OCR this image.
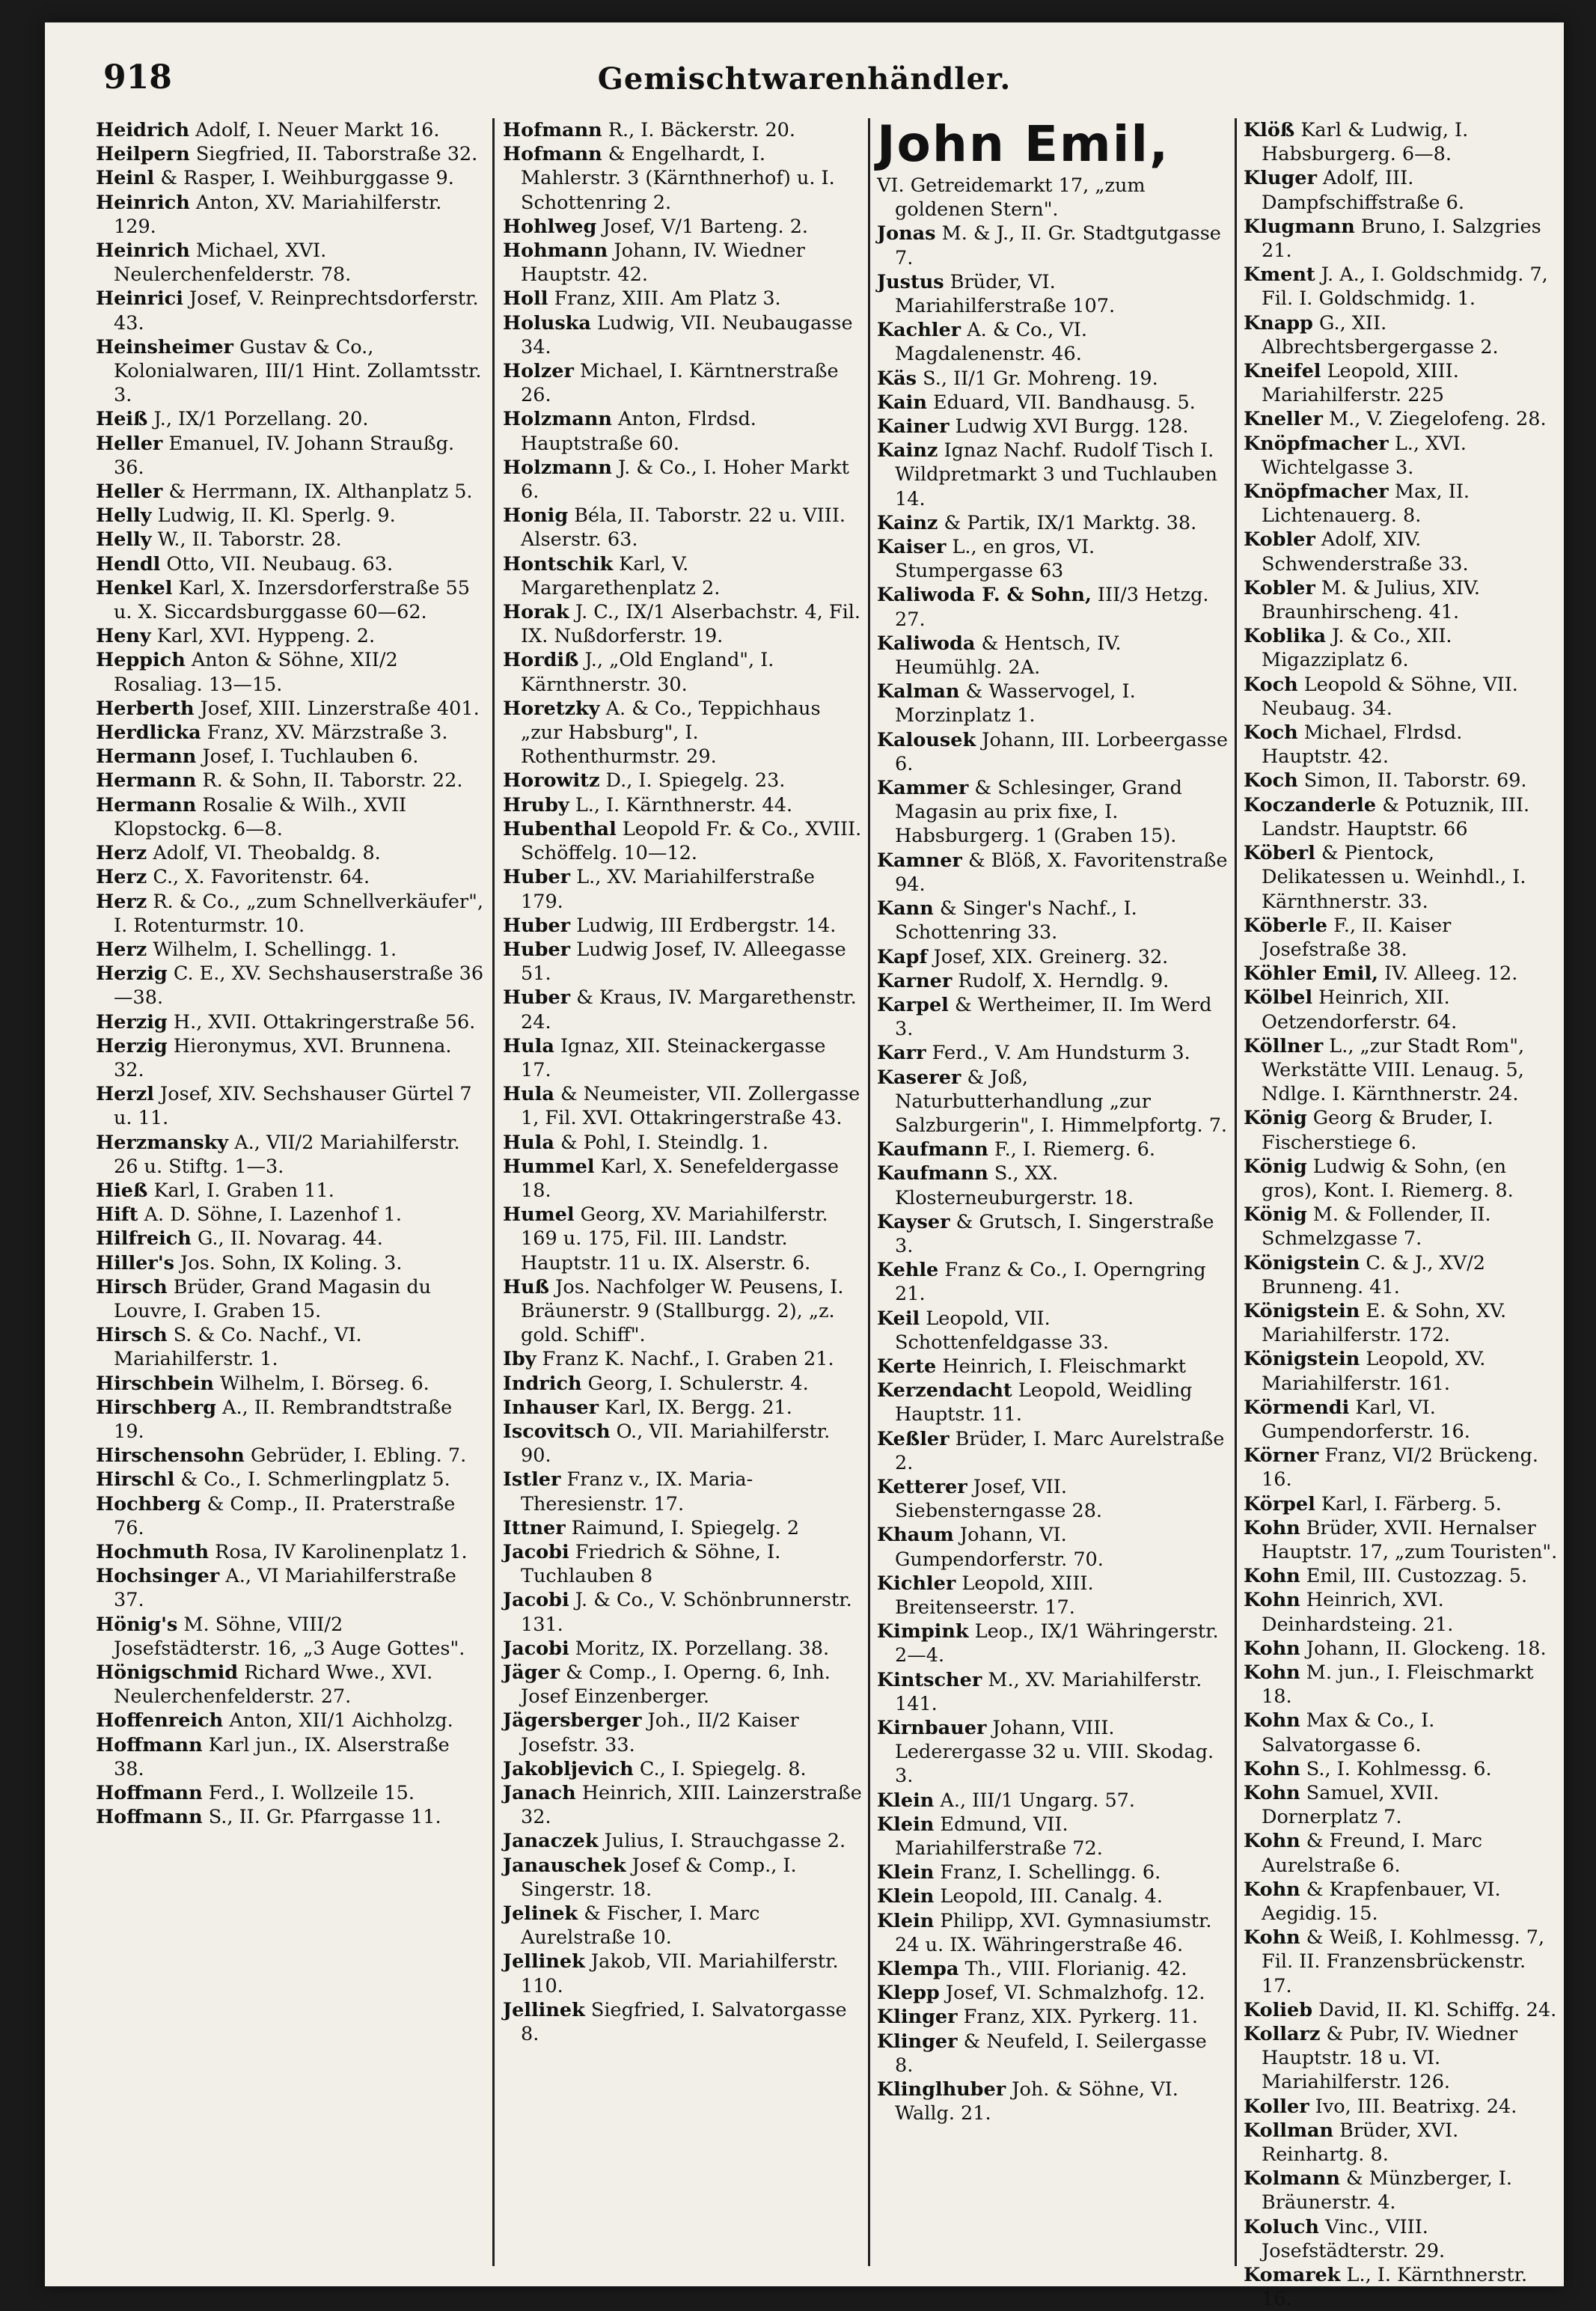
918	Gemischtwarenhändler.

Heidrich Adolf, I. Neuer Markt 16.

Heilpern Siegfried, II. Taborstraße 32.

Heinl & Rasper, I. Weihburggasse 9.

Heinrich Anton, XV. Mariahilferstr. 129.

Heinrich Michael, XVI. Neulerchenfelderstr. 78.

Heinrici Josef, V. Reinprechtsdorferstr. 43.

Heinsheimer Gustav & Co., Kolonialwaren, III/1 Hint. Zollamtsstr. 3.

Heiß J., IX/1 Porzellang. 20.

Heller Emanuel, IV. Johann Straußg. 36.

Heller & Herrmann, IX. Althanplatz 5.

Helly Ludwig, II. Kl. Sperlg. 9.

Helly W., II. Taborstr. 28.

Hendl Otto, VII. Neubaug. 63.

Henkel Karl, X. Inzersdorferstraße 55 u. X. Siccardsburggasse 60—62.

Heny Karl, XVI. Hyppeng. 2.

Heppich Anton & Söhne, XII/2 Rosaliag. 13—15.

Herberth Josef, XIII. Linzerstraße 401.

Herdlicka Franz, XV. Märzstraße 3.

Hermann Josef, I. Tuchlauben 6.

Hermann R. & Sohn, II. Taborstr. 22.

Hermann Rosalie & Wilh., XVII Klopstockg. 6—8.

Herz Adolf, VI. Theobaldg. 8.

Herz C., X. Favoritenstr. 64.

Herz R. & Co., „zum Schnellverkäufer", I. Rotenturmstr. 10.

Herz Wilhelm, I. Schellingg. 1.

Herzig C. E., XV. Sechshauserstraße 36—38.

Herzig H., XVII. Ottakringerstraße 56.

Herzig Hieronymus, XVI. Brunnena. 32.

Herzl Josef, XIV. Sechshauser Gürtel 7 u. 11.

Herzmansky A., VII/2 Mariahilferstr. 26 u. Stiftg. 1—3.

Hieß Karl, I. Graben 11.

Hift A. D. Söhne, I. Lazenhof 1.

Hilfreich G., II. Novarag. 44.

Hiller's Jos. Sohn, IX Koling. 3.

Hirsch Brüder, Grand Magasin du Louvre, I. Graben 15.

Hirsch S. & Co. Nachf., VI. Mariahilferstr. 1.

Hirschbein Wilhelm, I. Börseg. 6.

Hirschberg A., II. Rembrandtstraße 19.

Hirschensohn Gebrüder, I. Ebling. 7.

Hirschl & Co., I. Schmerlingplatz 5.

Hochberg & Comp., II. Praterstraße 76.

Hochmuth Rosa, IV Karolinenplatz 1.

Hochsinger A., VI Mariahilferstraße 37.

Hönig's M. Söhne, VIII/2 Josefstädterstr. 16, „3 Auge Gottes".

Hönigschmid Richard Wwe., XVI. Neulerchenfelderstr. 27.

Hoffenreich Anton, XII/1 Aichholzg.

Hoffmann Karl jun., IX. Alserstraße 38.

Hoffmann Ferd., I. Wollzeile 15.

Hoffmann S., II. Gr. Pfarrgasse 11.

Hofmann R., I. Bäckerstr. 20.

Hofmann & Engelhardt, I. Mahlerstr. 3 (Kärnthnerhof) u. I. Schottenring 2.

Hohlweg Josef, V/1 Barteng. 2.

Hohmann Johann, IV. Wiedner Hauptstr. 42.

Holl Franz, XIII. Am Platz 3.

Holuska Ludwig, VII. Neubaugasse 34.

Holzer Michael, I. Kärntnerstraße 26.

Holzmann Anton, Flrdsd. Hauptstraße 60.

Holzmann J. & Co., I. Hoher Markt 6.

Honig Béla, II. Taborstr. 22 u. VIII. Alserstr. 63.

Hontschik Karl, V. Margarethenplatz 2.

Horak J. C., IX/1 Alserbachstr. 4, Fil. IX. Nußdorferstr. 19.

Hordiß J., „Old England", I. Kärnthnerstr. 30.

Horetzky A. & Co., Teppichhaus „zur Habsburg", I. Rothenthurmstr. 29.

Horowitz D., I. Spiegelg. 23.

Hruby L., I. Kärnthnerstr. 44.

Hubenthal Leopold Fr. & Co., XVIII. Schöffelg. 10—12.

Huber L., XV. Mariahilferstraße 179.

Huber Ludwig, III Erdbergstr. 14.

Huber Ludwig Josef, IV. Alleegasse 51.

Huber & Kraus, IV. Margarethenstr. 24.

Hula Ignaz, XII. Steinackergasse 17.

Hula & Neumeister, VII. Zollergasse 1, Fil. XVI. Ottakringerstraße 43.

Hula & Pohl, I. Steindlg. 1.

Hummel Karl, X. Senefeldergasse 18.

Humel Georg, XV. Mariahilferstr. 169 u. 175, Fil. III. Landstr. Hauptstr. 11 u. IX. Alserstr. 6.

Huß Jos. Nachfolger W. Peusens, I. Bräunerstr. 9 (Stallburgg. 2), „z. gold. Schiff".

Iby Franz K. Nachf., I. Graben 21.

Indrich Georg, I. Schulerstr. 4.

Inhauser Karl, IX. Bergg. 21.

Iscovitsch O., VII. Mariahilferstr. 90.

Istler Franz v., IX. Maria-Theresienstr. 17.

Ittner Raimund, I. Spiegelg. 2

Jacobi Friedrich & Söhne, I. Tuchlauben 8

Jacobi J. & Co., V. Schönbrunnerstr. 131.

Jacobi Moritz, IX. Porzellang. 38.

Jäger & Comp., I. Operng. 6, Inh. Josef Einzenberger.

Jägersberger Joh., II/2 Kaiser Josefstr. 33.

Jakobljevich C., I. Spiegelg. 8.

Janach Heinrich, XIII. Lainzerstraße 32.

Janaczek Julius, I. Strauchgasse 2.

Janauschek Josef & Comp., I. Singerstr. 18.

Jelinek & Fischer, I. Marc Aurelstraße 10.

Jellinek Jakob, VII. Mariahilferstr. 110.

Jellinek Siegfried, I. Salvatorgasse 8.

John Emil,

VI. Getreidemarkt 17, „zum goldenen Stern".

Jonas M. & J., II. Gr. Stadtgutgasse 7.

Justus Brüder, VI. Mariahilferstraße 107.

Kachler A. & Co., VI. Magdalenenstr. 46.

Käs S., II/1 Gr. Mohreng. 19.

Kain Eduard, VII. Bandhausg. 5.

Kainer Ludwig XVI Burgg. 128.

Kainz Ignaz Nachf. Rudolf Tisch I. Wildpretmarkt 3 und Tuchlauben 14.

Kainz & Partik, IX/1 Marktg. 38.

Kaiser L., en gros, VI. Stumpergasse 63

Kaliwoda F. & Sohn, III/3 Hetzg. 27.

Kaliwoda & Hentsch, IV. Heumühlg. 2A.

Kalman & Wasservogel, I. Morzinplatz 1.

Kalousek Johann, III. Lorbeergasse 6.

Kammer & Schlesinger, Grand Magasin au prix fixe, I. Habsburgerg. 1 (Graben 15).

Kamner & Blöß, X. Favoritenstraße 94.

Kann & Singer's Nachf., I. Schottenring 33.

Kapf Josef, XIX. Greinerg. 32.

Karner Rudolf, X. Herndlg. 9.

Karpel & Wertheimer, II. Im Werd 3.

Karr Ferd., V. Am Hundsturm 3.

Kaserer & Joß, Naturbutterhandlung „zur Salzburgerin", I. Himmelpfortg. 7.

Kaufmann F., I. Riemerg. 6.

Kaufmann S., XX. Klosterneuburgerstr. 18.

Kayser & Grutsch, I. Singerstraße 3.

Kehle Franz & Co., I. Operngring 21.

Keil Leopold, VII. Schottenfeldgasse 33.

Kerte Heinrich, I. Fleischmarkt

Kerzendacht Leopold, Weidling Hauptstr. 11.

Keßler Brüder, I. Marc Aurelstraße 2.

Ketterer Josef, VII. Siebensterngasse 28.

Khaum Johann, VI. Gumpendorferstr. 70.

Kichler Leopold, XIII. Breitenseerstr. 17.

Kimpink Leop., IX/1 Währingerstr. 2—4.

Kintscher M., XV. Mariahilferstr. 141.

Kirnbauer Johann, VIII. Lederergasse 32 u. VIII. Skodag. 3.

Klein A., III/1 Ungarg. 57.

Klein Edmund, VII. Mariahilferstraße 72.

Klein Franz, I. Schellingg. 6.

Klein Leopold, III. Canalg. 4.

Klein Philipp, XVI. Gymnasiumstr. 24 u. IX. Währingerstraße 46.

Klempa Th., VIII. Florianig. 42.

Klepp Josef, VI. Schmalzhofg. 12.

Klinger Franz, XIX. Pyrkerg. 11.

Klinger & Neufeld, I. Seilergasse 8.

Klinglhuber Joh. & Söhne, VI. Wallg. 21.

Klöß Karl & Ludwig, I. Habsburgerg. 6—8.

Kluger Adolf, III. Dampfschiffstraße 6.

Klugmann Bruno, I. Salzgries 21.

Kment J. A., I. Goldschmidg. 7, Fil. I. Goldschmidg. 1.

Knapp G., XII. Albrechtsbergergasse 2.

Kneifel Leopold, XIII. Mariahilferstr. 225

Kneller M., V. Ziegelofeng. 28.

Knöpfmacher L., XVI. Wichtelgasse 3.

Knöpfmacher Max, II. Lichtenauerg. 8.

Kobler Adolf, XIV. Schwenderstraße 33.

Kobler M. & Julius, XIV. Braunhirscheng. 41.

Koblika J. & Co., XII. Migazziplatz 6.

Koch Leopold & Söhne, VII. Neubaug. 34.

Koch Michael, Flrdsd. Hauptstr. 42.

Koch Simon, II. Taborstr. 69.

Koczanderle & Potuznik, III. Landstr. Hauptstr. 66

Köberl & Pientock, Delikatessen u. Weinhdl., I. Kärnthnerstr. 33.

Köberle F., II. Kaiser Josefstraße 38.

Köhler Emil, IV. Alleeg. 12.

Kölbel Heinrich, XII. Oetzendorferstr. 64.

Köllner L., „zur Stadt Rom", Werkstätte VIII. Lenaug. 5, Ndlge. I. Kärnthnerstr. 24.

König Georg & Bruder, I. Fischerstiege 6.

König Ludwig & Sohn, (en gros), Kont. I. Riemerg. 8.

König M. & Follender, II. Schmelzgasse 7.

Königstein C. & J., XV/2 Brunneng. 41.

Königstein E. & Sohn, XV. Mariahilferstr. 172.

Königstein Leopold, XV. Mariahilferstr. 161.

Körmendi Karl, VI. Gumpendorferstr. 16.

Körner Franz, VI/2 Brückeng. 16.

Körpel Karl, I. Färberg. 5.

Kohn Brüder, XVII. Hernalser Hauptstr. 17, „zum Touristen".

Kohn Emil, III. Custozzag. 5.

Kohn Heinrich, XVI. Deinhardsteing. 21.

Kohn Johann, II. Glockeng. 18.

Kohn M. jun., I. Fleischmarkt 18.

Kohn Max & Co., I. Salvatorgasse 6.

Kohn S., I. Kohlmessg. 6.

Kohn Samuel, XVII. Dornerplatz 7.

Kohn & Freund, I. Marc Aurelstraße 6.

Kohn & Krapfenbauer, VI. Aegidig. 15.

Kohn & Weiß, I. Kohlmessg. 7, Fil. II. Franzensbrückenstr. 17.

Kolieb David, II. Kl. Schiffg. 24.

Kollarz & Pubr, IV. Wiedner Hauptstr. 18 u. VI. Mariahilferstr. 126.

Koller Ivo, III. Beatrixg. 24.

Kollman Brüder, XVI. Reinhartg. 8.

Kolmann & Münzberger, I. Bräunerstr. 4.

Koluch Vinc., VIII. Josefstädterstr. 29.

Komarek L., I. Kärnthnerstr. 16.
